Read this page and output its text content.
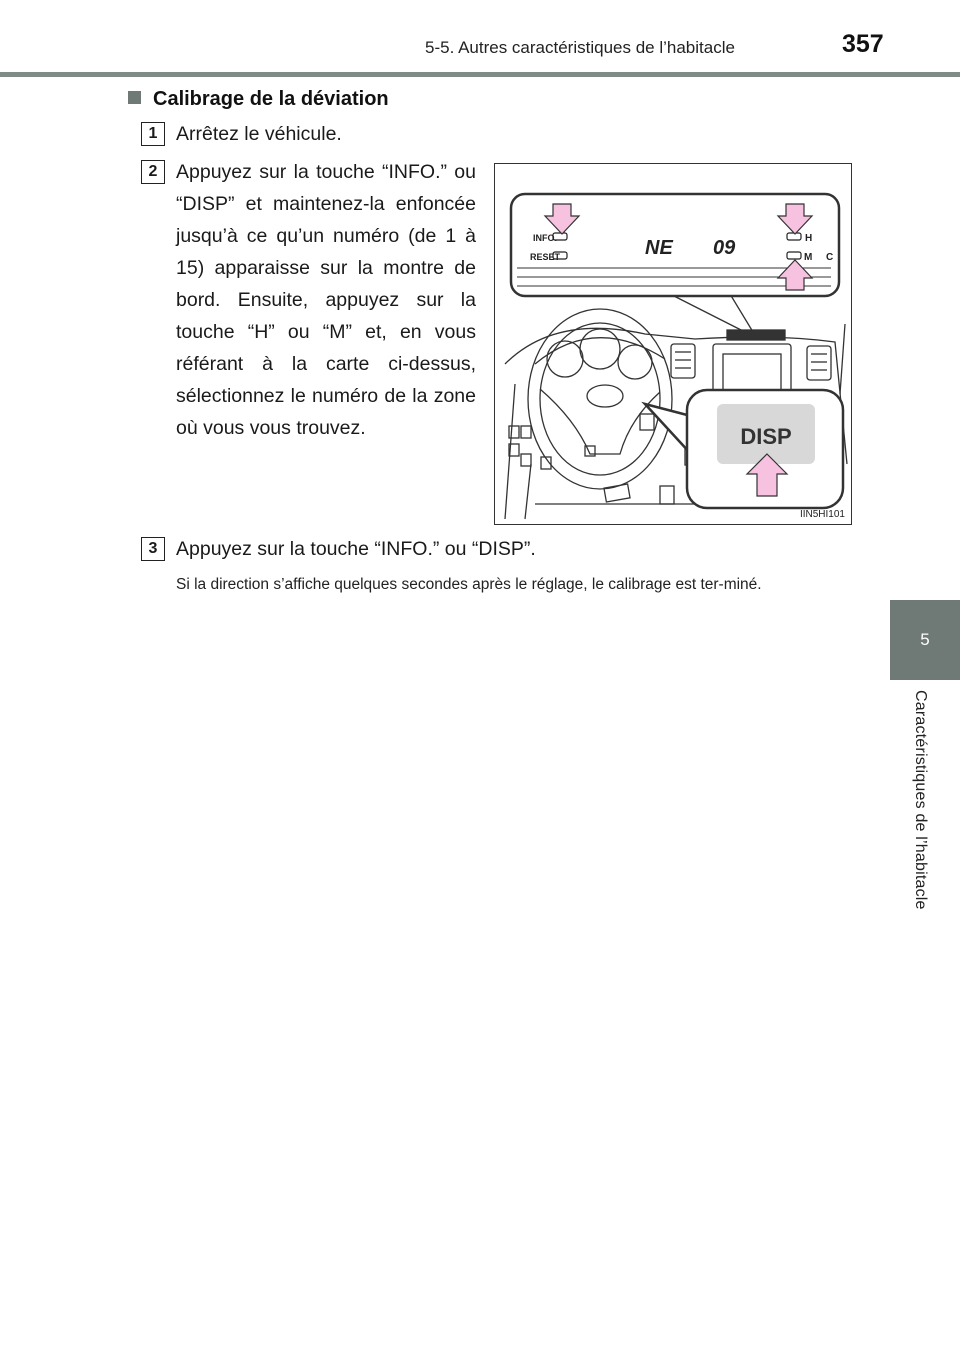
5-5. Autres caractéristiques de l’habitacle	357
5
Caractéristiques de l’habitacle
Calibrage de la déviation
1 Arrêtez le véhicule.
2 Appuyez sur la touche “INFO.” ou “DISP” et maintenez-la enfoncée jusqu’à ce qu’un numéro (de 1 à 15) apparaisse sur la montre de bord. Ensuite, appuyez sur la touche “H” ou “M” et, en vous référant à la carte ci-dessus, sélectionnez le numéro de la zone où vous vous trouvez.
INFO.
RESET	NE 09	H
M C
DISP
IIN5HI101
3 Appuyez sur la touche “INFO.” ou “DISP”.
Si la direction s’affiche quelques secondes après le réglage, le calibrage est ter-miné.
